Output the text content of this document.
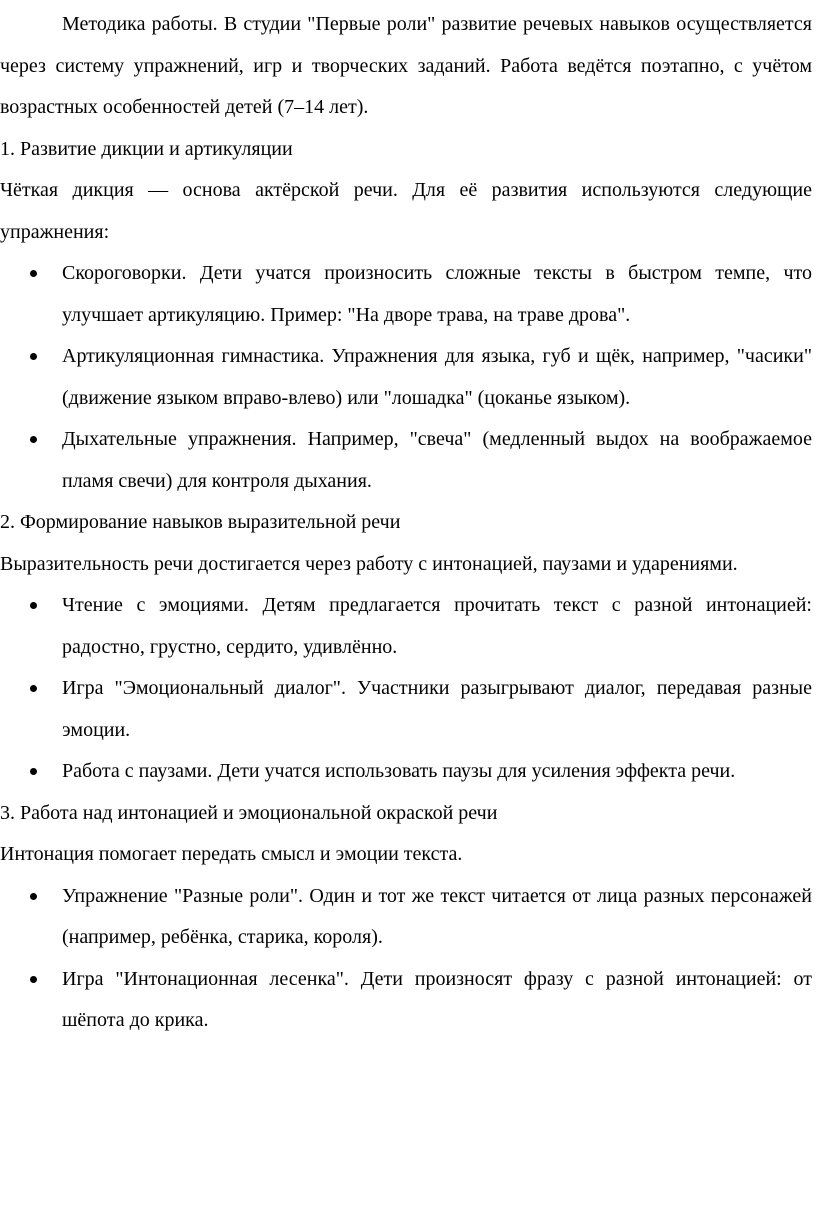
Методика работы. В студии "Первые роли" развитие речевых навыков осуществляется через систему упражнений, игр и творческих заданий. Работа ведётся поэтапно, с учётом возрастных особенностей детей (7–14 лет).

1. Развитие дикции и артикуляции

Чёткая дикция — основа актёрской речи. Для её развития используются следующие упражнения:

Скороговорки. Дети учатся произносить сложные тексты в быстром темпе, что улучшает артикуляцию. Пример: "На дворе трава, на траве дрова".
Артикуляционная гимнастика. Упражнения для языка, губ и щёк, например, "часики" (движение языком вправо-влево) или "лошадка" (цоканье языком).
Дыхательные упражнения. Например, "свеча" (медленный выдох на воображаемое пламя свечи) для контроля дыхания.

2. Формирование навыков выразительной речи

Выразительность речи достигается через работу с интонацией, паузами и ударениями.

Чтение с эмоциями. Детям предлагается прочитать текст с разной интонацией: радостно, грустно, сердито, удивлённо.
Игра "Эмоциональный диалог". Участники разыгрывают диалог, передавая разные эмоции.
Работа с паузами. Дети учатся использовать паузы для усиления эффекта речи.

3. Работа над интонацией и эмоциональной окраской речи

Интонация помогает передать смысл и эмоции текста.

Упражнение "Разные роли". Один и тот же текст читается от лица разных персонажей (например, ребёнка, старика, короля).
Игра "Интонационная лесенка". Дети произносят фразу с разной интонацией: от шёпота до крика.
